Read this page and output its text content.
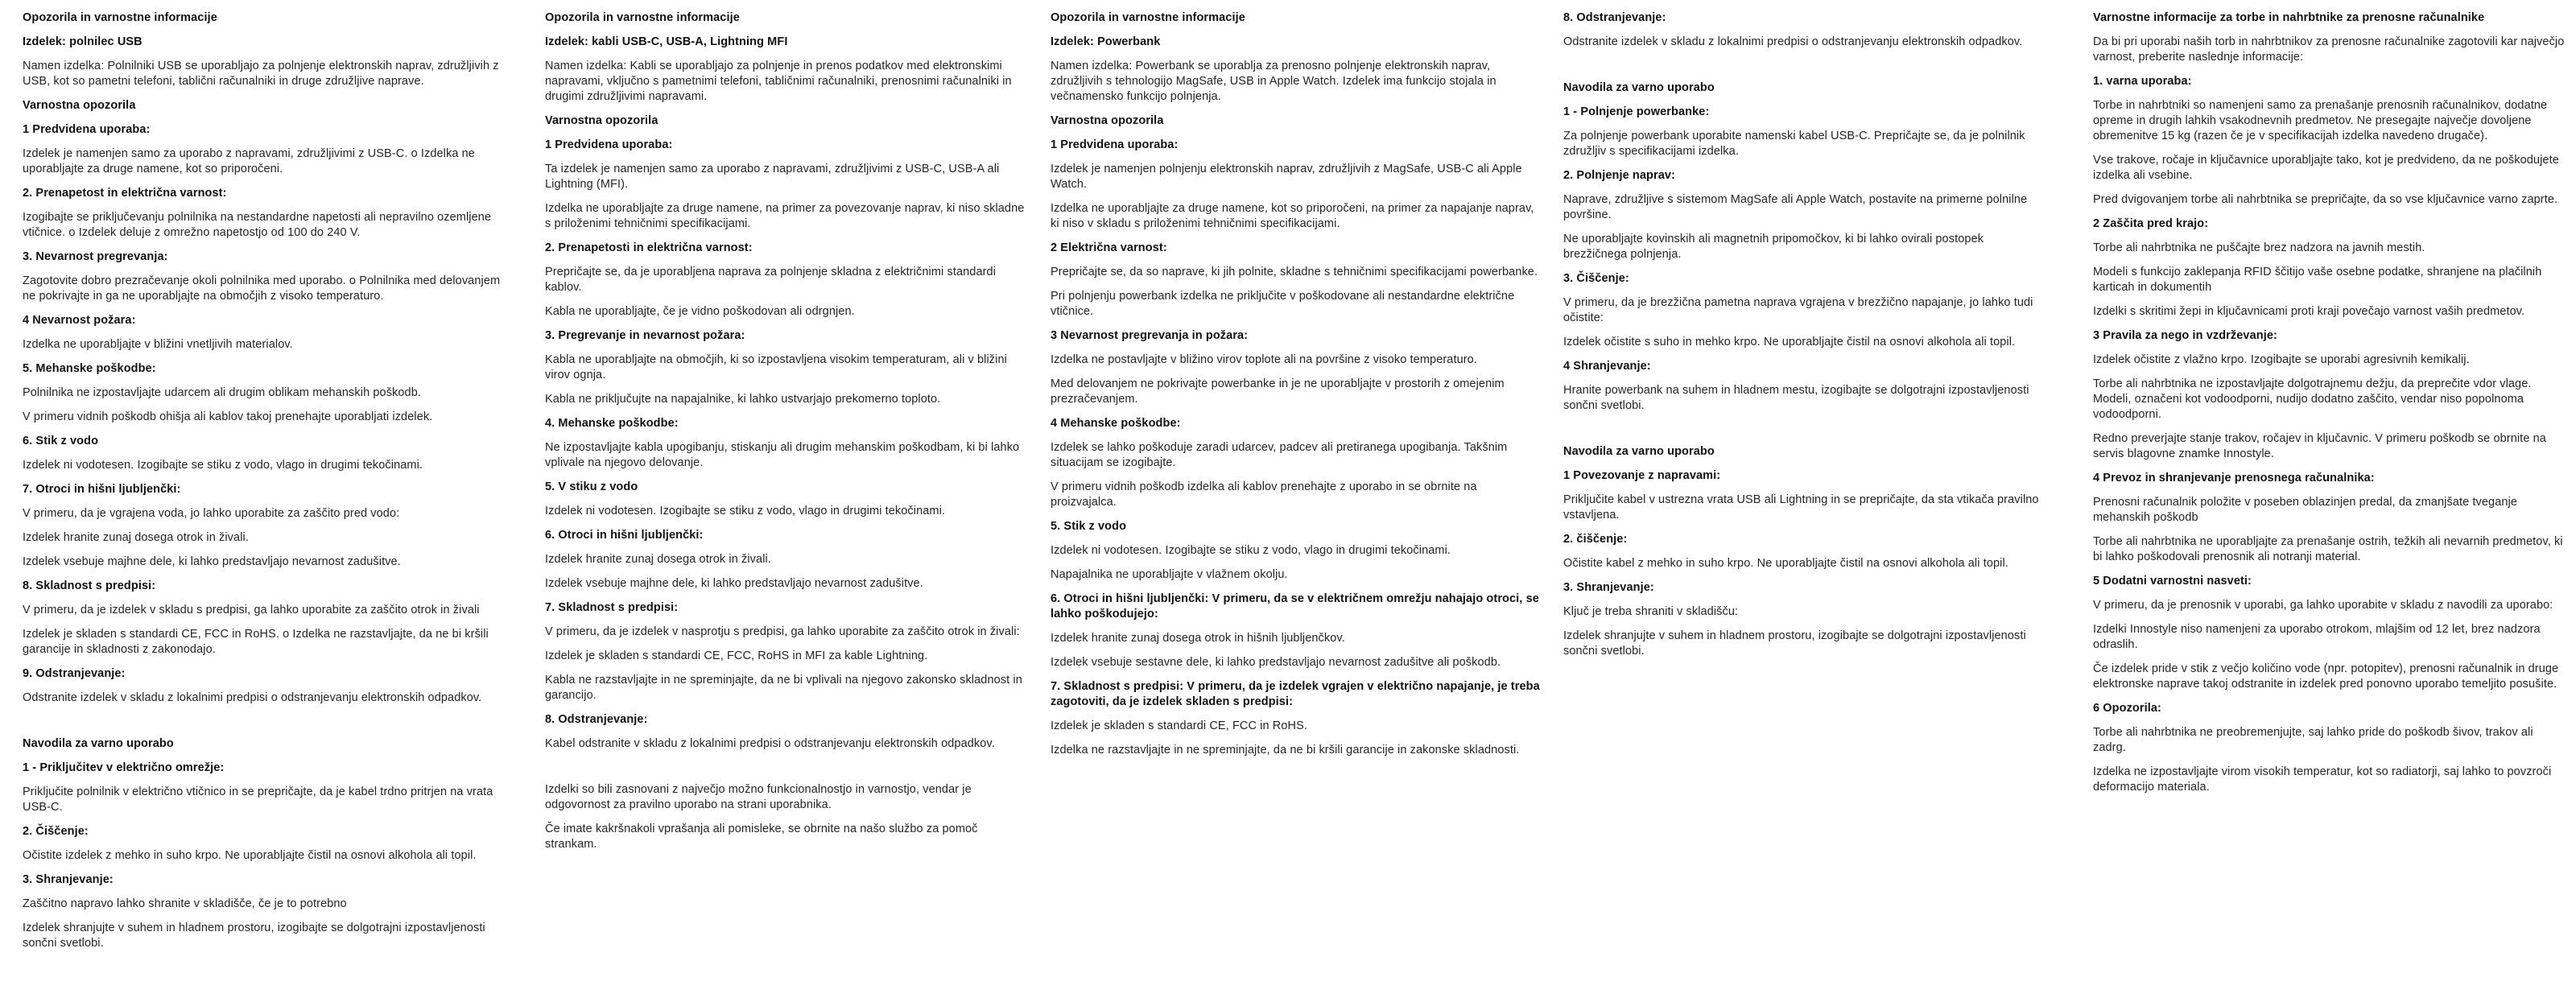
Opozorila in varnostne informacije
Izdelek: polnilec USB

Namen izdelka: Polnilniki USB se uporabljajo za polnjenje elektronskih naprav, združljivih z USB, kot so pametni telefoni, tablični računalniki in druge združljive naprave.

Varnostna opozorila
1 Predvidena uporaba:

Izdelek je namenjen samo za uporabo z napravami, združljivimi z USB-C. o Izdelka ne uporabljajte za druge namene, kot so priporočeni.

2. Prenapetost in električna varnost:

Izogibajte se priključevanju polnilnika na nestandardne napetosti ali nepravilno ozemljene vtičnice. o Izdelek deluje z omrežno napetostjo od 100 do 240 V.

3. Nevarnost pregrevanja:

Zagotovite dobro prezračevanje okoli polnilnika med uporabo. o Polnilnika med delovanjem ne pokrivajte in ga ne uporabljajte na območjih z visoko temperaturo.

4 Nevarnost požara:

Izdelka ne uporabljajte v bližini vnetljivih materialov.

5. Mehanske poškodbe:

Polnilnika ne izpostavljajte udarcem ali drugim oblikam mehanskih poškodb.

V primeru vidnih poškodb ohišja ali kablov takoj prenehajte uporabljati izdelek.

6. Stik z vodo

Izdelek ni vodotesen. Izogibajte se stiku z vodo, vlago in drugimi tekočinami.

7. Otroci in hišni ljubljenčki:

V primeru, da je vgrajena voda, jo lahko uporabite za zaščito pred vodo:

Izdelek hranite zunaj dosega otrok in živali.

Izdelek vsebuje majhne dele, ki lahko predstavljajo nevarnost zadušitve.

8. Skladnost s predpisi:

V primeru, da je izdelek v skladu s predpisi, ga lahko uporabite za zaščito otrok in živali

Izdelek je skladen s standardi CE, FCC in RoHS. o Izdelka ne razstavljajte, da ne bi kršili garancije in skladnosti z zakonodajo.

9. Odstranjevanje:

Odstranite izdelek v skladu z lokalnimi predpisi o odstranjevanju elektronskih odpadkov.

Navodila za varno uporabo
1 - Priključitev v električno omrežje:

Priključite polnilnik v električno vtičnico in se prepričajte, da je kabel trdno pritrjen na vrata USB-C.

2. Čiščenje:

Očistite izdelek z mehko in suho krpo. Ne uporabljajte čistil na osnovi alkohola ali topil.

3. Shranjevanje:

Zaščitno napravo lahko shranite v skladišče, če je to potrebno

Izdelek shranjujte v suhem in hladnem prostoru, izogibajte se dolgotrajni izpostavljenosti sončni svetlobi.

Opozorila in varnostne informacije
Izdelek: kabli USB-C, USB-A, Lightning MFI

Namen izdelka: Kabli se uporabljajo za polnjenje in prenos podatkov med elektronskimi napravami, vključno s pametnimi telefoni, tabličnimi računalniki, prenosnimi računalniki in drugimi združljivimi napravami.

Varnostna opozorila
1 Predvidena uporaba:

Ta izdelek je namenjen samo za uporabo z napravami, združljivimi z USB-C, USB-A ali Lightning (MFI).

Izdelka ne uporabljajte za druge namene, na primer za povezovanje naprav, ki niso skladne s priloženimi tehničnimi specifikacijami.

2. Prenapetosti in električna varnost:

Prepričajte se, da je uporabljena naprava za polnjenje skladna z električnimi standardi kablov.

Kabla ne uporabljajte, če je vidno poškodovan ali odrgnjen.

3. Pregrevanje in nevarnost požara:

Kabla ne uporabljajte na območjih, ki so izpostavljena visokim temperaturam, ali v bližini virov ognja.

Kabla ne priključujte na napajalnike, ki lahko ustvarjajo prekomerno toploto.

4. Mehanske poškodbe:

Ne izpostavljajte kabla upogibanju, stiskanju ali drugim mehanskim poškodbam, ki bi lahko vplivale na njegovo delovanje.

5. V stiku z vodo

Izdelek ni vodotesen. Izogibajte se stiku z vodo, vlago in drugimi tekočinami.

6. Otroci in hišni ljubljenčki:

Izdelek hranite zunaj dosega otrok in živali.

Izdelek vsebuje majhne dele, ki lahko predstavljajo nevarnost zadušitve.

7. Skladnost s predpisi:

V primeru, da je izdelek v nasprotju s predpisi, ga lahko uporabite za zaščito otrok in živali:

Izdelek je skladen s standardi CE, FCC, RoHS in MFI za kable Lightning.

Kabla ne razstavljajte in ne spreminjajte, da ne bi vplivali na njegovo zakonsko skladnost in garancijo.

8. Odstranjevanje:

Kabel odstranite v skladu z lokalnimi predpisi o odstranjevanju elektronskih odpadkov.

Izdelki so bili zasnovani z največjo možno funkcionalnostjo in varnostjo, vendar je odgovornost za pravilno uporabo na strani uporabnika.

Če imate kakršnakoli vprašanja ali pomisleke, se obrnite na našo službo za pomoč strankam.

Opozorila in varnostne informacije
Izdelek: Powerbank

Namen izdelka: Powerbank se uporablja za prenosno polnjenje elektronskih naprav, združljivih s tehnologijo MagSafe, USB in Apple Watch. Izdelek ima funkcijo stojala in večnamensko funkcijo polnjenja.

Varnostna opozorila
1 Predvidena uporaba:

Izdelek je namenjen polnjenju elektronskih naprav, združljivih z MagSafe, USB-C ali Apple Watch.

Izdelka ne uporabljajte za druge namene, kot so priporočeni, na primer za napajanje naprav, ki niso v skladu s priloženimi tehničnimi specifikacijami.

2 Električna varnost:

Prepričajte se, da so naprave, ki jih polnite, skladne s tehničnimi specifikacijami powerbanke.

Pri polnjenju powerbank izdelka ne priključite v poškodovane ali nestandardne električne vtičnice.

3 Nevarnost pregrevanja in požara:

Izdelka ne postavljajte v bližino virov toplote ali na površine z visoko temperaturo.

Med delovanjem ne pokrivajte powerbanke in je ne uporabljajte v prostorih z omejenim prezračevanjem.

4 Mehanske poškodbe:

Izdelek se lahko poškoduje zaradi udarcev, padcev ali pretiranega upogibanja. Takšnim situacijam se izogibajte.

V primeru vidnih poškodb izdelka ali kablov prenehajte z uporabo in se obrnite na proizvajalca.

5. Stik z vodo

Izdelek ni vodotesen. Izogibajte se stiku z vodo, vlago in drugimi tekočinami.

Napajalnika ne uporabljajte v vlažnem okolju.

6. Otroci in hišni ljubljenčki: V primeru, da se v električnem omrežju nahajajo otroci, se lahko poškodujejo:

Izdelek hranite zunaj dosega otrok in hišnih ljubljenčkov.

Izdelek vsebuje sestavne dele, ki lahko predstavljajo nevarnost zadušitve ali poškodb.

7. Skladnost s predpisi: V primeru, da je izdelek vgrajen v električno napajanje, je treba zagotoviti, da je izdelek skladen s predpisi:

Izdelek je skladen s standardi CE, FCC in RoHS.

Izdelka ne razstavljajte in ne spreminjajte, da ne bi kršili garancije in zakonske skladnosti.

8. Odstranjevanje:

Odstranite izdelek v skladu z lokalnimi predpisi o odstranjevanju elektronskih odpadkov.

Navodila za varno uporabo
1 - Polnjenje powerbanke:

Za polnjenje powerbank uporabite namenski kabel USB-C. Prepričajte se, da je polnilnik združljiv s specifikacijami izdelka.

2. Polnjenje naprav:

Naprave, združljive s sistemom MagSafe ali Apple Watch, postavite na primerne polnilne površine.

Ne uporabljajte kovinskih ali magnetnih pripomočkov, ki bi lahko ovirali postopek brezžičnega polnjenja.

3. Čiščenje:

V primeru, da je brezžična pametna naprava vgrajena v brezžično napajanje, jo lahko tudi očistite:

Izdelek očistite s suho in mehko krpo. Ne uporabljajte čistil na osnovi alkohola ali topil.

4 Shranjevanje:

Hranite powerbank na suhem in hladnem mestu, izogibajte se dolgotrajni izpostavljenosti sončni svetlobi.

Navodila za varno uporabo
1 Povezovanje z napravami:

Priključite kabel v ustrezna vrata USB ali Lightning in se prepričajte, da sta vtikača pravilno vstavljena.

2. čiščenje:

Očistite kabel z mehko in suho krpo. Ne uporabljajte čistil na osnovi alkohola ali topil.

3. Shranjevanje:

Ključ je treba shraniti v skladišču:

Izdelek shranjujte v suhem in hladnem prostoru, izogibajte se dolgotrajni izpostavljenosti sončni svetlobi.

Varnostne informacije za torbe in nahrbtnike za prenosne računalnike

Da bi pri uporabi naših torb in nahrbtnikov za prenosne računalnike zagotovili kar največjo varnost, preberite naslednje informacije:

1. varna uporaba:

Torbe in nahrbtniki so namenjeni samo za prenašanje prenosnih računalnikov, dodatne opreme in drugih lahkih vsakodnevnih predmetov. Ne presegajte največje dovoljene obremenitve 15 kg (razen če je v specifikacijah izdelka navedeno drugače).

Vse trakove, ročaje in ključavnice uporabljajte tako, kot je predvideno, da ne poškodujete izdelka ali vsebine.

Pred dvigovanjem torbe ali nahrbtnika se prepričajte, da so vse ključavnice varno zaprte.

2 Zaščita pred krajo:

Torbe ali nahrbtnika ne puščajte brez nadzora na javnih mestih.

Modeli s funkcijo zaklepanja RFID ščitijo vaše osebne podatke, shranjene na plačilnih karticah in dokumentih

Izdelki s skritimi žepi in ključavnicami proti kraji povečajo varnost vaših predmetov.

3 Pravila za nego in vzdrževanje:

Izdelek očistite z vlažno krpo. Izogibajte se uporabi agresivnih kemikalij.

Torbe ali nahrbtnika ne izpostavljajte dolgotrajnemu dežju, da preprečite vdor vlage. Modeli, označeni kot vodoodporni, nudijo dodatno zaščito, vendar niso popolnoma vodoodporni.

Redno preverjajte stanje trakov, ročajev in ključavnic. V primeru poškodb se obrnite na servis blagovne znamke Innostyle.

4 Prevoz in shranjevanje prenosnega računalnika:

Prenosni računalnik položite v poseben oblazinjen predal, da zmanjšate tveganje mehanskih poškodb

Torbe ali nahrbtnika ne uporabljajte za prenašanje ostrih, težkih ali nevarnih predmetov, ki bi lahko poškodovali prenosnik ali notranji material.

5 Dodatni varnostni nasveti:

V primeru, da je prenosnik v uporabi, ga lahko uporabite v skladu z navodili za uporabo:

Izdelki Innostyle niso namenjeni za uporabo otrokom, mlajšim od 12 let, brez nadzora odraslih.

Če izdelek pride v stik z večjo količino vode (npr. potopitev), prenosni računalnik in druge elektronske naprave takoj odstranite in izdelek pred ponovno uporabo temeljito posušite.

6 Opozorila:

Torbe ali nahrbtnika ne preobremenjujte, saj lahko pride do poškodb šivov, trakov ali zadrg.

Izdelka ne izpostavljajte virom visokih temperatur, kot so radiatorji, saj lahko to povzroči deformacijo materiala.
